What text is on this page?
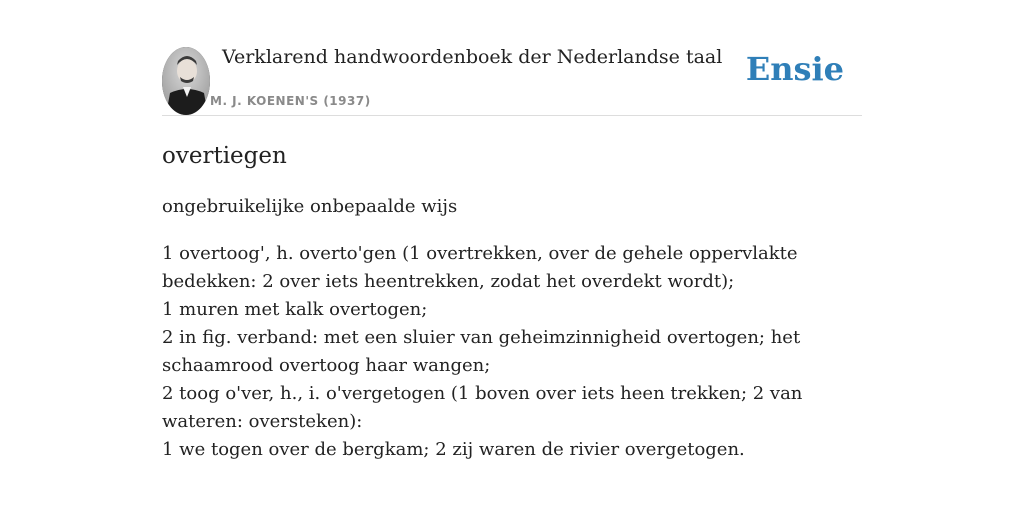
Verklarend handwoordenboek der Nederlandse taal
M. J. KOENEN'S (1937)
Ensie
overtiegen
ongebruikelijke onbepaalde wijs
1 overtoog', h. overto'gen (1 overtrekken, over de gehele oppervlakte bedekken: 2 over iets heentrekken, zodat het overdekt wordt);
1 muren met kalk overtogen;
2 in fig. verband: met een sluier van geheimzinnigheid overtogen; het schaamrood overtoog haar wangen;
2 toog o'ver, h., i. o'vergetogen (1 boven over iets heen trekken; 2 van wateren: oversteken):
1 we togen over de bergkam; 2 zij waren de rivier overgetogen.
